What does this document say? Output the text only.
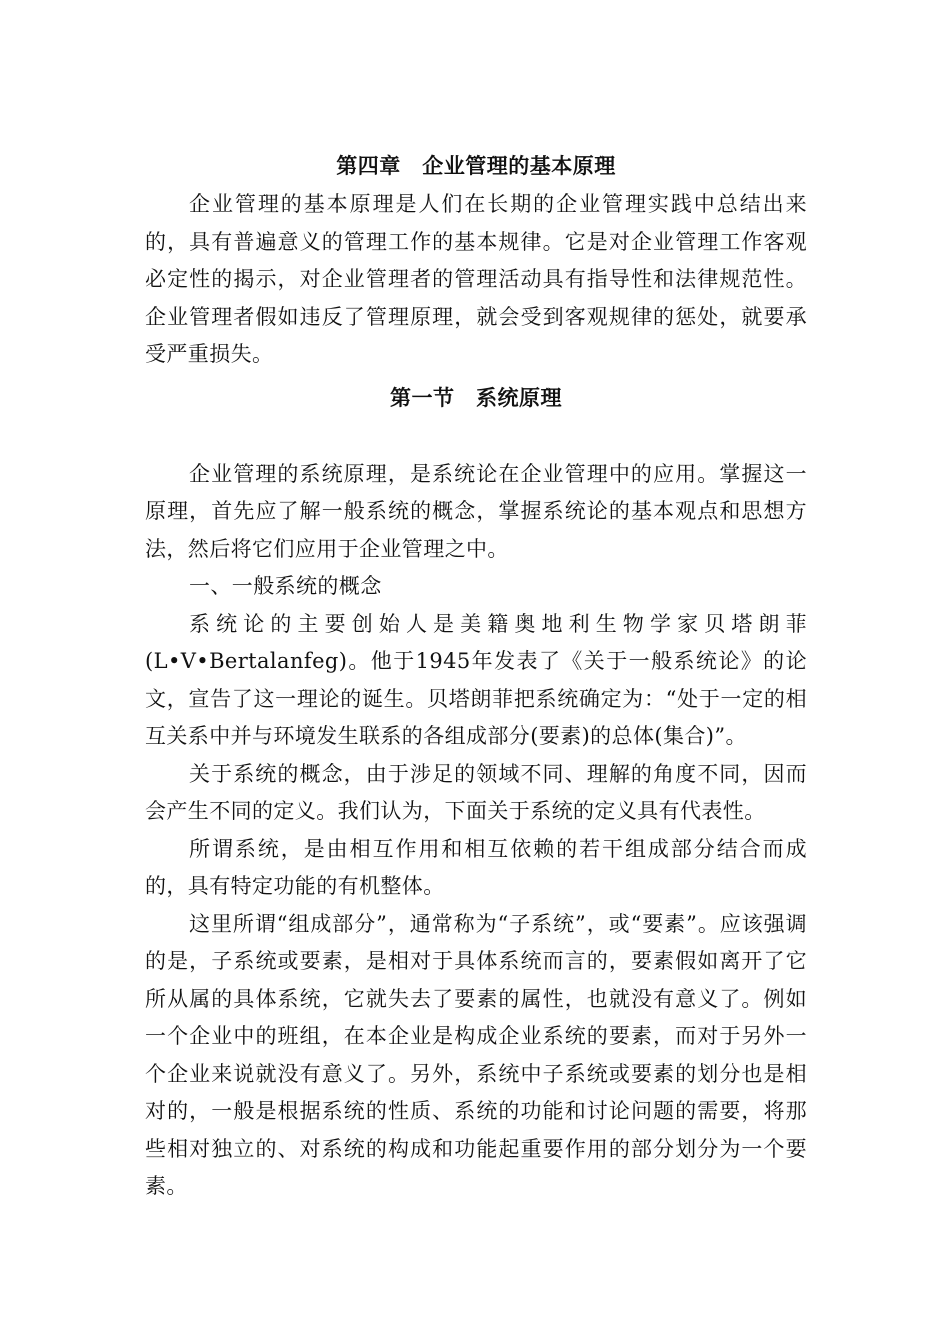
第四章　企业管理的基本原理

企业管理的基本原理是人们在长期的企业管理实践中总结出来的，具有普遍意义的管理工作的基本规律。它是对企业管理工作客观必定性的揭示，对企业管理者的管理活动具有指导性和法律规范性。企业管理者假如违反了管理原理，就会受到客观规律的惩处，就要承受严重损失。

第一节　系统原理

企业管理的系统原理，是系统论在企业管理中的应用。掌握这一原理，首先应了解一般系统的概念，掌握系统论的基本观点和思想方法，然后将它们应用于企业管理之中。

一、一般系统的概念

系统论的主要创始人是美籍奥地利生物学家贝塔朗菲(L•V•Bertalanfeg)。他于1945年发表了《关于一般系统论》的论文，宣告了这一理论的诞生。贝塔朗菲把系统确定为：“处于一定的相互关系中并与环境发生联系的各组成部分(要素)的总体(集合)”。

关于系统的概念，由于涉足的领域不同、理解的角度不同，因而会产生不同的定义。我们认为，下面关于系统的定义具有代表性。

所谓系统，是由相互作用和相互依赖的若干组成部分结合而成的，具有特定功能的有机整体。

这里所谓“组成部分”，通常称为“子系统”，或“要素”。应该强调的是，子系统或要素，是相对于具体系统而言的，要素假如离开了它所从属的具体系统，它就失去了要素的属性，也就没有意义了。例如一个企业中的班组，在本企业是构成企业系统的要素，而对于另外一个企业来说就没有意义了。另外，系统中子系统或要素的划分也是相对的，一般是根据系统的性质、系统的功能和讨论问题的需要，将那些相对独立的、对系统的构成和功能起重要作用的部分划分为一个要素。
